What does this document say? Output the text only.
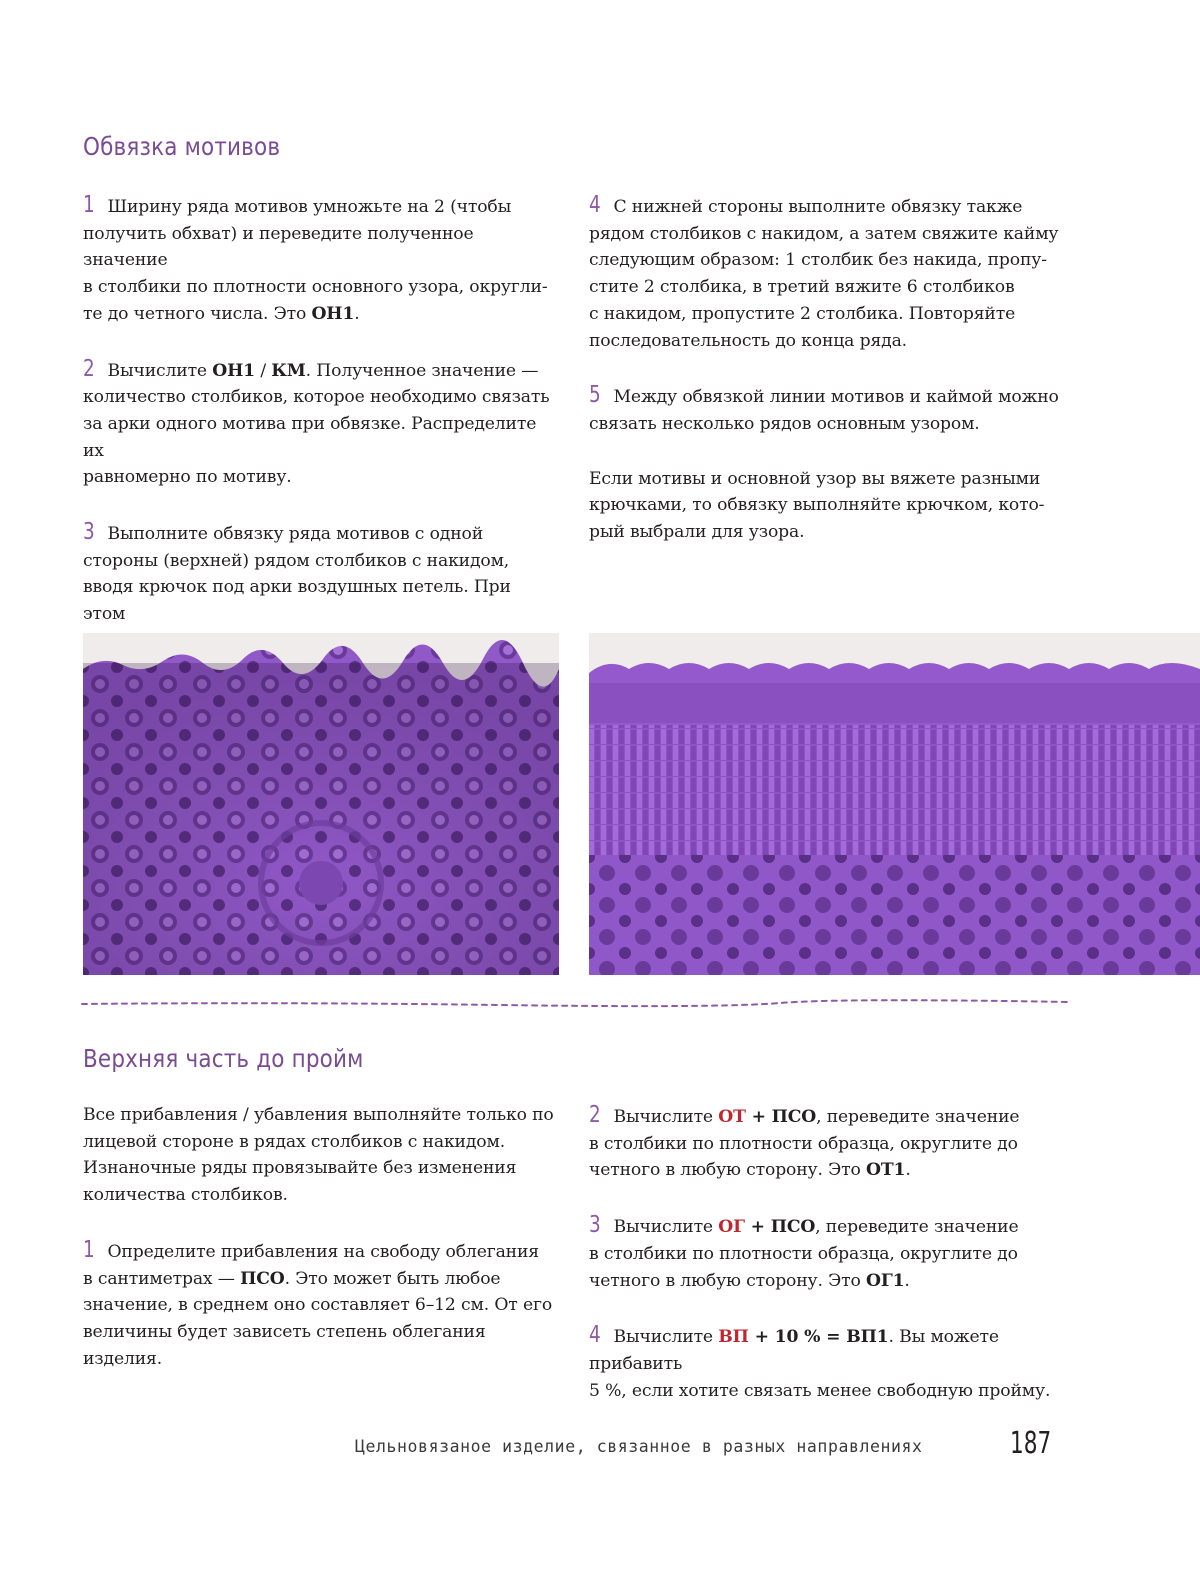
Обвязка мотивов

1 Ширину ряда мотивов умножьте на 2 (чтобы
получить обхват) и переведите полученное значение
в столбики по плотности основного узора, округли-
те до четного числа. Это ОН1.

2 Вычислите ОН1 / КМ. Полученное значение —
количество столбиков, которое необходимо связать
за арки одного мотива при обвязке. Распределите их
равномерно по мотиву.

3 Выполните обвязку ряда мотивов с одной
стороны (верхней) рядом столбиков с накидом,
вводя крючок под арки воздушных петель. При этом

4 С нижней стороны выполните обвязку также
рядом столбиков с накидом, а затем свяжите кайму
следующим образом: 1 столбик без накида, пропу-
стите 2 столбика, в третий вяжите 6 столбиков
с накидом, пропустите 2 столбика. Повторяйте
последовательность до конца ряда.

5 Между обвязкой линии мотивов и каймой можно
связать несколько рядов основным узором.

Если мотивы и основной узор вы вяжете разными
крючками, то обвязку выполняйте крючком, кото-
рый выбрали для узора.

Верхняя часть до пройм

Все прибавления / убавления выполняйте только по
лицевой стороне в рядах столбиков с накидом.
Изнаночные ряды провязывайте без изменения
количества столбиков.

1 Определите прибавления на свободу облегания
в сантиметрах — ПСО. Это может быть любое
значение, в среднем оно составляет 6–12 см. От его
величины будет зависеть степень облегания изделия.

2 Вычислите ОТ + ПСО, переведите значение
в столбики по плотности образца, округлите до
четного в любую сторону. Это ОТ1.

3 Вычислите ОГ + ПСО, переведите значение
в столбики по плотности образца, округлите до
четного в любую сторону. Это ОГ1.

4 Вычислите ВП + 10 % = ВП1. Вы можете прибавить
5 %, если хотите связать менее свободную пройму.

Цельновязаное изделие, связанное в разных направлениях	187
